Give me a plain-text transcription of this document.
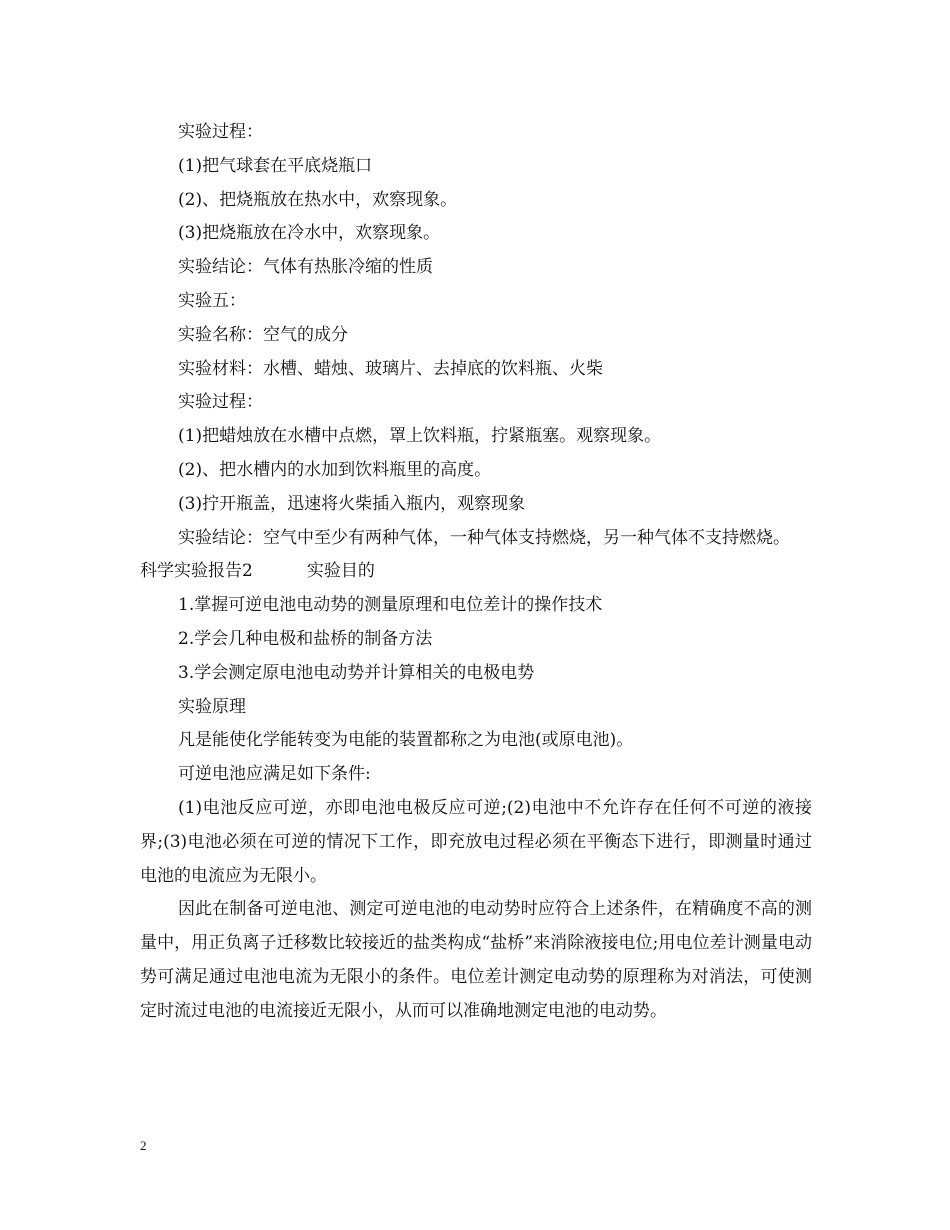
实验过程：
(1)把气球套在平底烧瓶口
(2)、把烧瓶放在热水中，欢察现象。
(3)把烧瓶放在冷水中，欢察现象。
实验结论：气体有热胀冷缩的性质
实验五：
实验名称：空气的成分
实验材料：水槽、蜡烛、玻璃片、去掉底的饮料瓶、火柴
实验过程：
(1)把蜡烛放在水槽中点燃，罩上饮料瓶，拧紧瓶塞。观察现象。
(2)、把水槽内的水加到饮料瓶里的高度。
(3)拧开瓶盖，迅速将火柴插入瓶内，观察现象
实验结论：空气中至少有两种气体，一种气体支持燃烧，另一种气体不支持燃烧。
科学实验报告2	实验目的
1.掌握可逆电池电动势的测量原理和电位差计的操作技术
2.学会几种电极和盐桥的制备方法
3.学会测定原电池电动势并计算相关的电极电势
实验原理
凡是能使化学能转变为电能的装置都称之为电池(或原电池)。
可逆电池应满足如下条件:
(1)电池反应可逆，亦即电池电极反应可逆;(2)电池中不允许存在任何不可逆的液接界;(3)电池必须在可逆的情况下工作，即充放电过程必须在平衡态下进行，即测量时通过电池的电流应为无限小。
因此在制备可逆电池、测定可逆电池的电动势时应符合上述条件，在精确度不高的测量中，用正负离子迁移数比较接近的盐类构成“盐桥”来消除液接电位;用电位差计测量电动势可满足通过电池电流为无限小的条件。电位差计测定电动势的原理称为对消法，可使测定时流过电池的电流接近无限小，从而可以准确地测定电池的电动势。
2
